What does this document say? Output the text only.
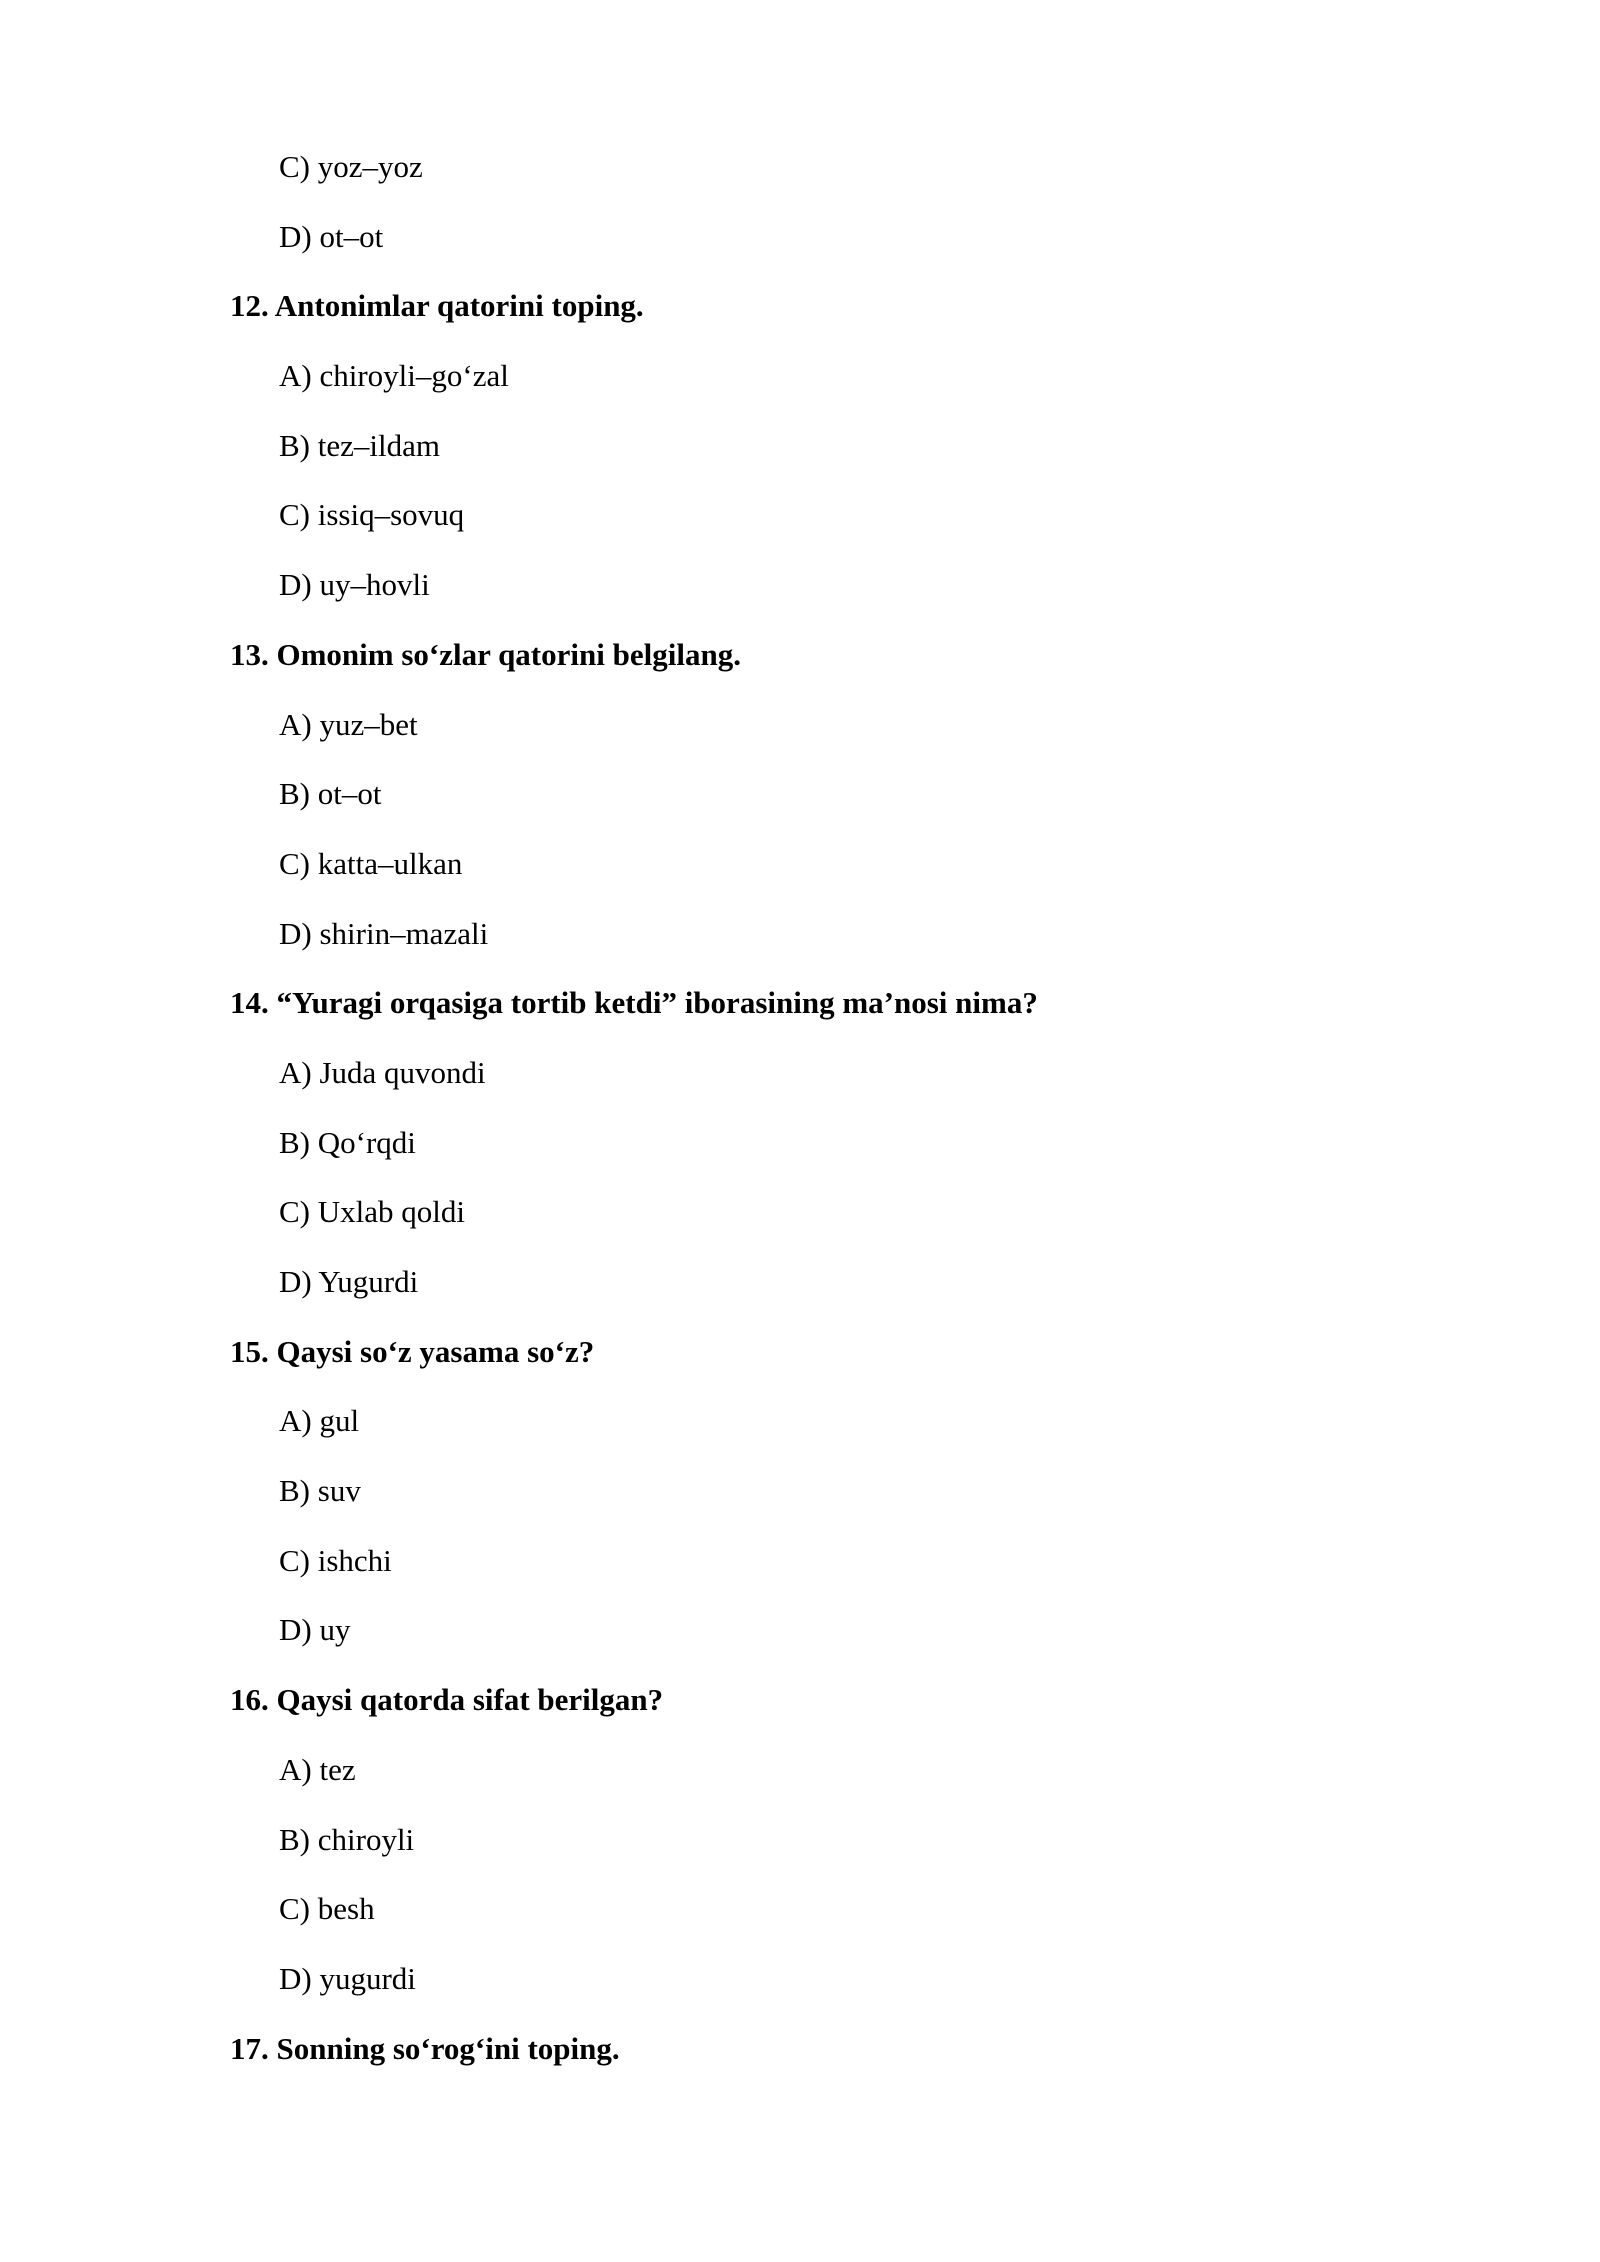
C) yoz–yoz
D) ot–ot
12. Antonimlar qatorini toping.
A) chiroyli–go‘zal
B) tez–ildam
C) issiq–sovuq
D) uy–hovli
13. Omonim so‘zlar qatorini belgilang.
A) yuz–bet
B) ot–ot
C) katta–ulkan
D) shirin–mazali
14. “Yuragi orqasiga tortib ketdi” iborasining ma’nosi nima?
A) Juda quvondi
B) Qo‘rqdi
C) Uxlab qoldi
D) Yugurdi
15. Qaysi so‘z yasama so‘z?
A) gul
B) suv
C) ishchi
D) uy
16. Qaysi qatorda sifat berilgan?
A) tez
B) chiroyli
C) besh
D) yugurdi
17. Sonning so‘rog‘ini toping.
